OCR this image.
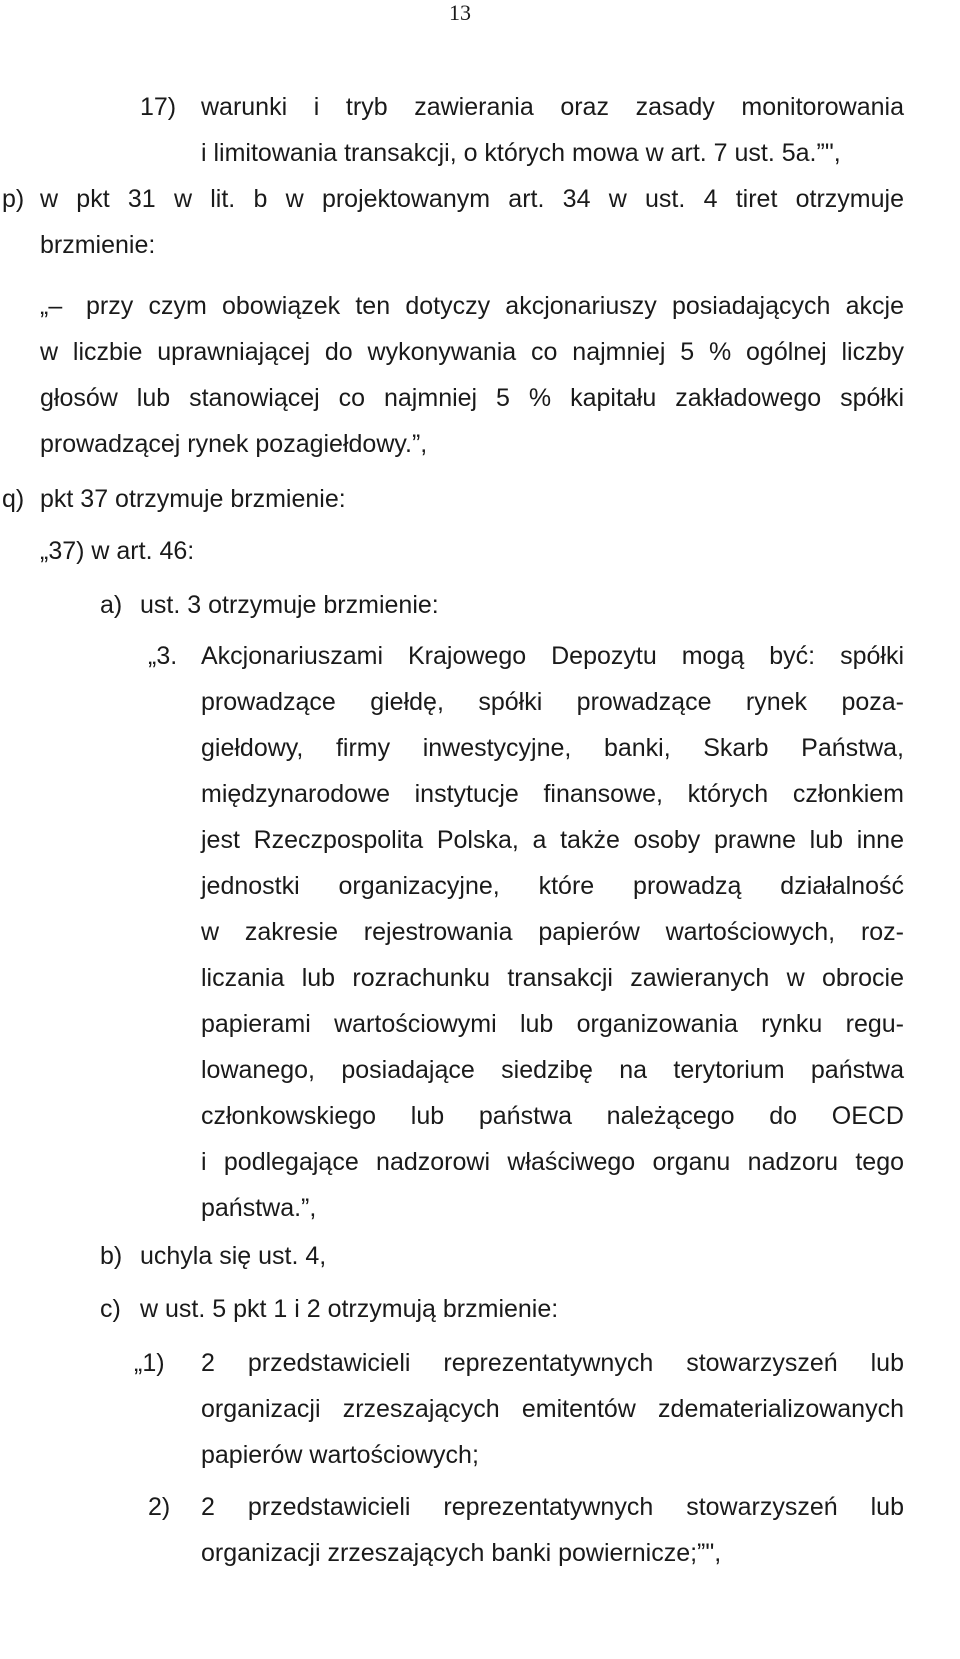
13
17) warunki i tryb zawierania oraz zasady monitorowania
i limitowania transakcji, o których mowa w art. 7 ust. 5a.”",
p) w pkt 31 w lit. b w projektowanym art. 34 w ust. 4 tiret otrzymuje
brzmienie:
„– przy czym obowiązek ten dotyczy akcjonariuszy posiadających akcje
w liczbie uprawniającej do wykonywania co najmniej 5 % ogólnej liczby
głosów lub stanowiącej co najmniej 5 % kapitału zakładowego spółki
prowadzącej rynek pozagiełdowy.”,
q) pkt 37 otrzymuje brzmienie:
„37) w art. 46:
a) ust. 3 otrzymuje brzmienie:
„3. Akcjonariuszami Krajowego Depozytu mogą być: spółki
prowadzące giełdę, spółki prowadzące rynek poza-
giełdowy, firmy inwestycyjne, banki, Skarb Państwa,
międzynarodowe instytucje finansowe, których członkiem
jest Rzeczpospolita Polska, a także osoby prawne lub inne
jednostki organizacyjne, które prowadzą działalność
w zakresie rejestrowania papierów wartościowych, roz-
liczania lub rozrachunku transakcji zawieranych w obrocie
papierami wartościowymi lub organizowania rynku regu-
lowanego, posiadające siedzibę na terytorium państwa
członkowskiego lub państwa należącego do OECD
i podlegające nadzorowi właściwego organu nadzoru tego
państwa.”,
b) uchyla się ust. 4,
c) w ust. 5 pkt 1 i 2 otrzymują brzmienie:
„1) 2 przedstawicieli reprezentatywnych stowarzyszeń lub
organizacji zrzeszających emitentów zdematerializowanych
papierów wartościowych;
2) 2 przedstawicieli reprezentatywnych stowarzyszeń lub
organizacji zrzeszających banki powiernicze;”",
